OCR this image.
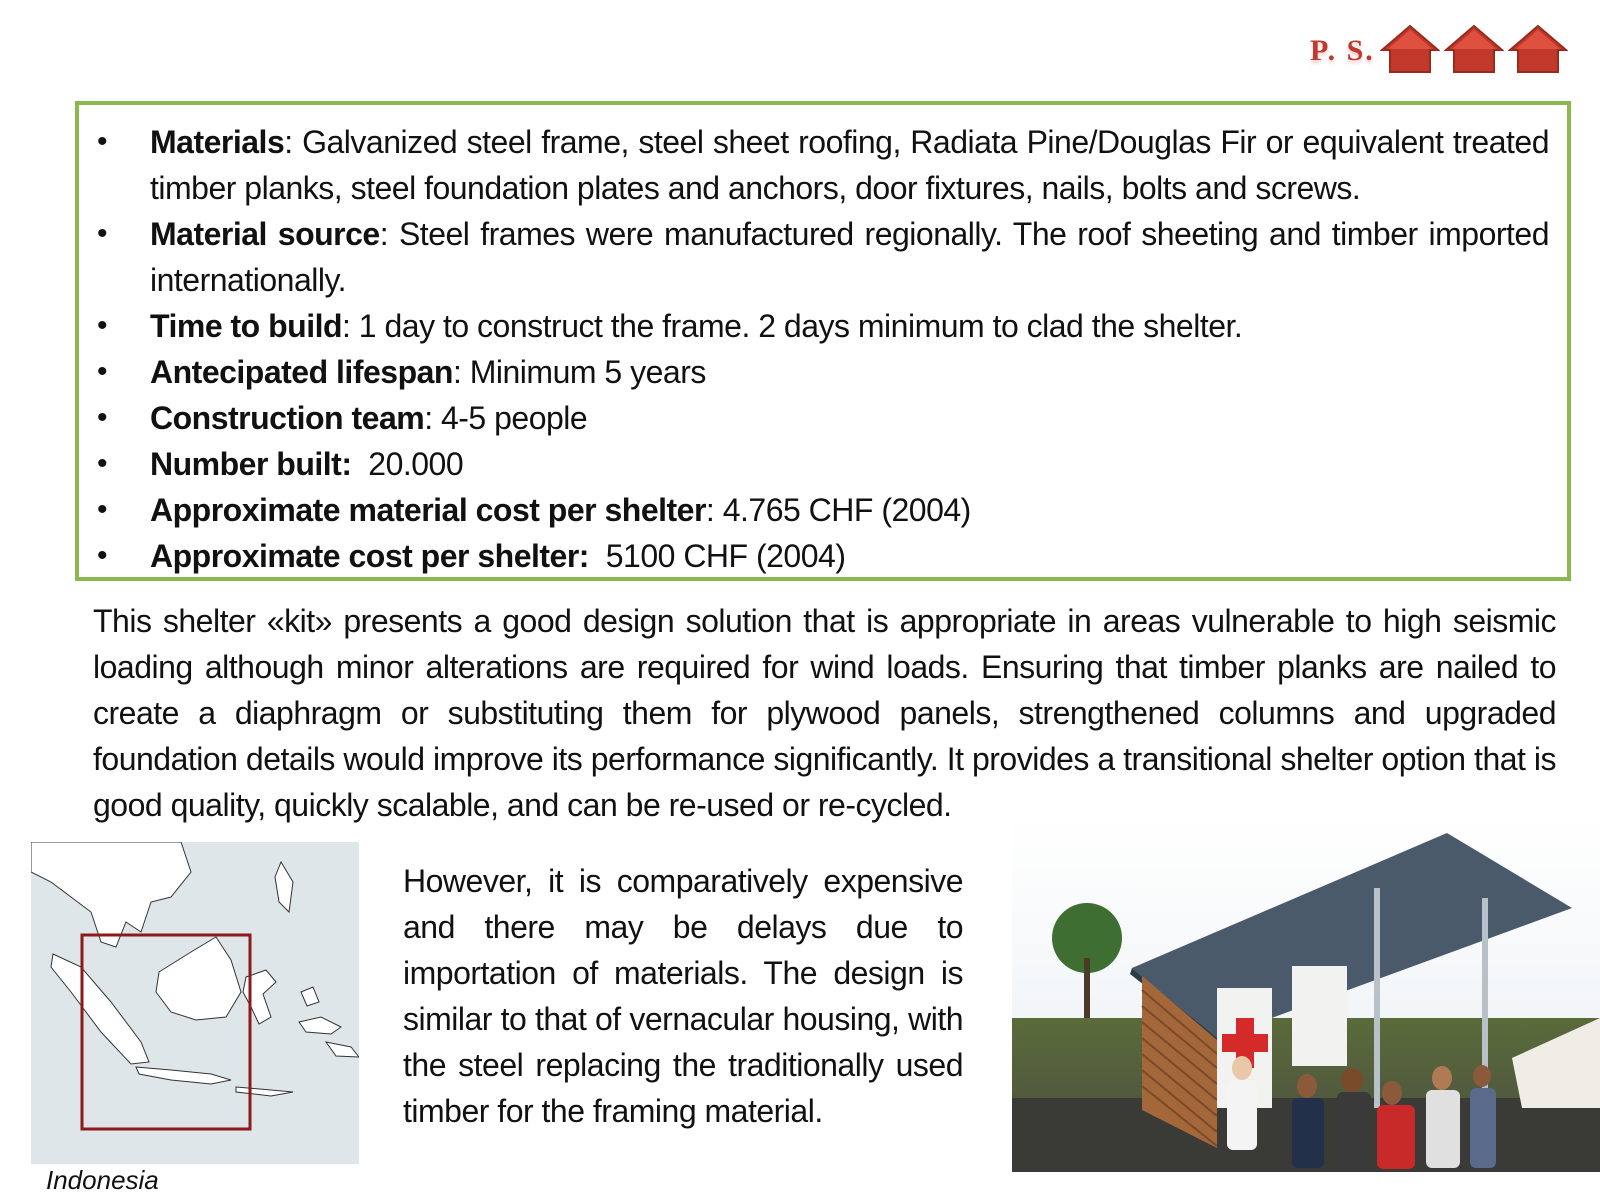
P. S.
• Materials: Galvanized steel frame, steel sheet roofing, Radiata Pine/Douglas Fir or equivalent treated timber planks, steel foundation plates and anchors, door fixtures, nails, bolts and screws.
• Material source: Steel frames were manufactured regionally. The roof sheeting and timber imported internationally.
• Time to build: 1 day to construct the frame. 2 days minimum to clad the shelter.
• Antecipated lifespan: Minimum 5 years
• Construction team: 4-5 people
• Number built: 20.000
• Approximate material cost per shelter: 4.765 CHF (2004)
• Approximate cost per shelter: 5100 CHF (2004)

This shelter «kit» presents a good design solution that is appropriate in areas vulnerable to high seismic loading although minor alterations are required for wind loads. Ensuring that timber planks are nailed to create a diaphragm or substituting them for plywood panels, strengthened columns and upgraded foundation details would improve its performance significantly. It provides a transitional shelter option that is good quality, quickly scalable, and can be re-used or re-cycled.

However, it is comparatively expensive and there may be delays due to importation of materials. The design is similar to that of vernacular housing, with the steel replacing the traditionally used timber for the framing material.

Indonesia
